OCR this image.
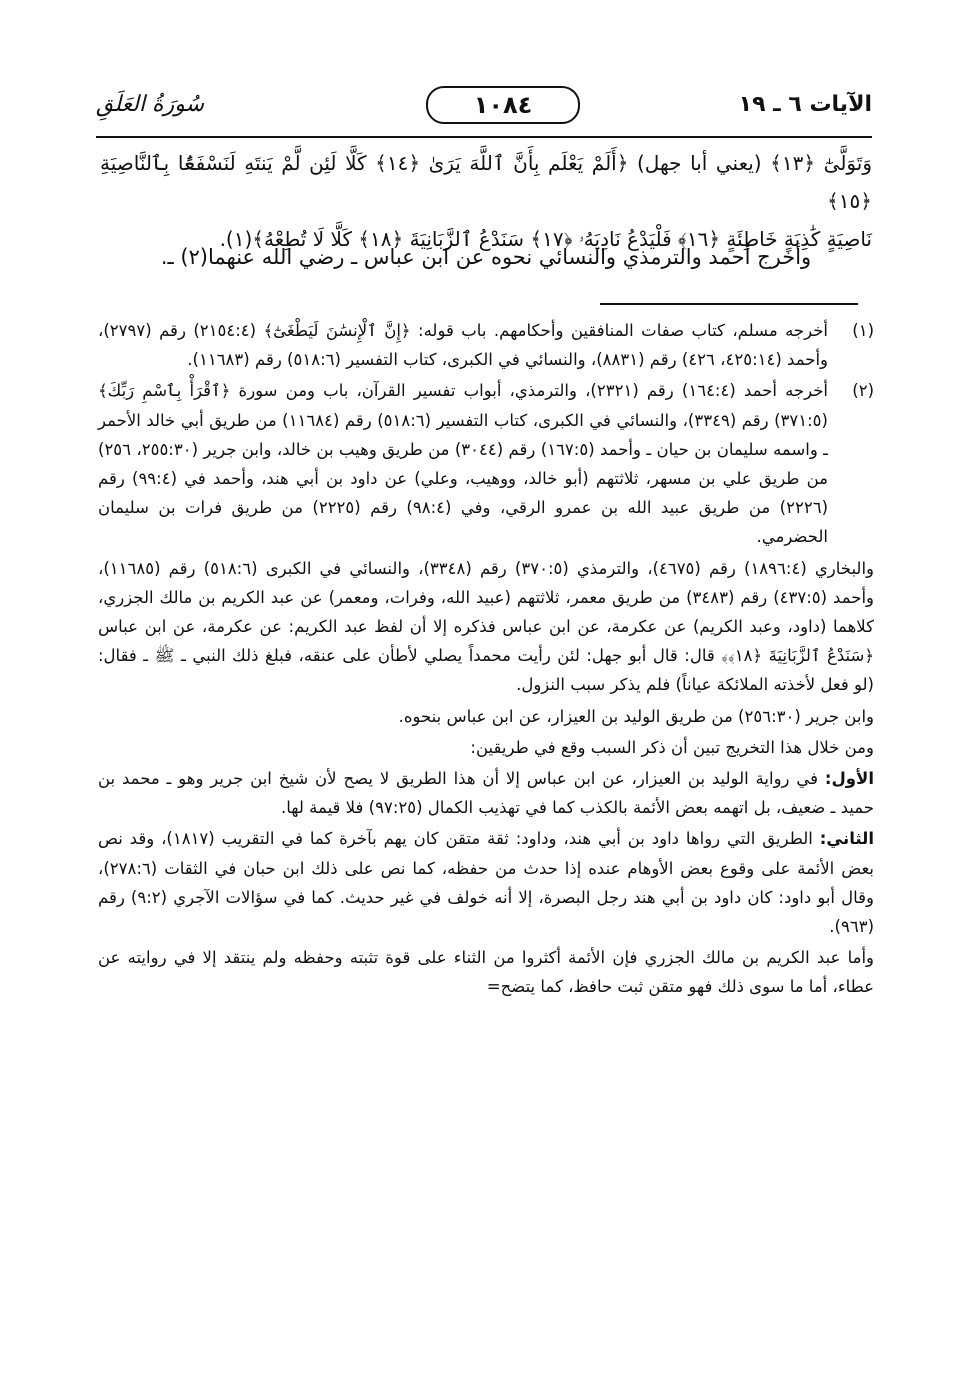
الآيات ٦ ـ ١٩
١٠٨٤
سُورَةُ العَلَقِ

وَتَوَلَّىٰٓ ﴿١٣﴾ (يعني أبا جهل) ﴿أَلَمْ يَعْلَم بِأَنَّ ٱللَّهَ يَرَىٰ ﴿١٤﴾ كَلَّا لَئِن لَّمْ يَنتَهِ لَنَسْفَعًۢا بِٱلنَّاصِيَةِ ﴿١٥﴾

نَاصِيَةٍ كَٰذِبَةٍ خَاطِئَةٍ ﴿١٦﴾ فَلْيَدْعُ نَادِيَهُۥ ﴿١٧﴾ سَنَدْعُ ٱلزَّبَانِيَةَ ﴿١٨﴾ كَلَّا لَا تُطِعْهُ﴾(١).

وأخرج أحمد والترمذي والنسائي نحوه عن ابن عباس ـ رضي الله عنهما(٢) ـ.
(١)

أخرجه مسلم، كتاب صفات المنافقين وأحكامهم. باب قوله: ﴿إِنَّ ٱلْإِنسَٰنَ لَيَطْغَىٰٓ﴾ (٢١٥٤:٤) رقم (٢٧٩٧)، وأحمد (٤٢٥:١٤، ٤٢٦) رقم (٨٨٣١)، والنسائي في الكبرى، كتاب التفسير (٥١٨:٦) رقم (١١٦٨٣).

(٢)

أخرجه أحمد (١٦٤:٤) رقم (٢٣٢١)، والترمذي، أبواب تفسير القرآن، باب ومن سورة ﴿ٱقْرَأْ بِٱسْمِ رَبِّكَ﴾ (٣٧١:٥) رقم (٣٣٤٩)، والنسائي في الكبرى، كتاب التفسير (٥١٨:٦) رقم (١١٦٨٤) من طريق أبي خالد الأحمر ـ واسمه سليمان بن حيان ـ وأحمد (١٦٧:٥) رقم (٣٠٤٤) من طريق وهيب بن خالد، وابن جرير (٢٥٥:٣٠، ٢٥٦) من طريق علي بن مسهر، ثلاثتهم (أبو خالد، ووهيب، وعلي) عن داود بن أبي هند، وأحمد في (٩٩:٤) رقم (٢٢٢٦) من طريق عبيد الله بن عمرو الرقي، وفي (٩٨:٤) رقم (٢٢٢٥) من طريق فرات بن سليمان الحضرمي.

والبخاري (١٨٩٦:٤) رقم (٤٦٧٥)، والترمذي (٣٧٠:٥) رقم (٣٣٤٨)، والنسائي في الكبرى (٥١٨:٦) رقم (١١٦٨٥)، وأحمد (٤٣٧:٥) رقم (٣٤٨٣) من طريق معمر، ثلاثتهم (عبيد الله، وفرات، ومعمر) عن عبد الكريم بن مالك الجزري، كلاهما (داود، وعبد الكريم) عن عكرمة، عن ابن عباس فذكره إلا أن لفظ عبد الكريم: عن عكرمة، عن ابن عباس ﴿سَنَدْعُ ٱلزَّبَانِيَةَ ﴿١٨﴾﴾ قال: قال أبو جهل: لئن رأيت محمداً يصلي لأطأن على عنقه، فبلغ ذلك النبي ـ ﷺ ـ فقال: (لو فعل لأخذته الملائكة عياناً) فلم يذكر سبب النزول.

وابن جرير (٢٥٦:٣٠) من طريق الوليد بن العيزار، عن ابن عباس بنحوه.

ومن خلال هذا التخريج تبين أن ذكر السبب وقع في طريقين:

الأول: في رواية الوليد بن العيزار، عن ابن عباس إلا أن هذا الطريق لا يصح لأن شيخ ابن جرير وهو ـ محمد بن حميد ـ ضعيف، بل اتهمه بعض الأئمة بالكذب كما في تهذيب الكمال (٩٧:٢٥) فلا قيمة لها.

الثاني: الطريق التي رواها داود بن أبي هند، وداود: ثقة متقن كان يهم بآخرة كما في التقريب (١٨١٧)، وقد نص بعض الأئمة على وقوع بعض الأوهام عنده إذا حدث من حفظه، كما نص على ذلك ابن حبان في الثقات (٢٧٨:٦)، وقال أبو داود: كان داود بن أبي هند رجل البصرة، إلا أنه خولف في غير حديث. كما في سؤالات الآجري (٩:٢) رقم (٩٦٣).

وأما عبد الكريم بن مالك الجزري فإن الأئمة أكثروا من الثناء على قوة تثبته وحفظه ولم ينتقد إلا في روايته عن عطاء، أما ما سوى ذلك فهو متقن ثبت حافظ، كما يتضح=
